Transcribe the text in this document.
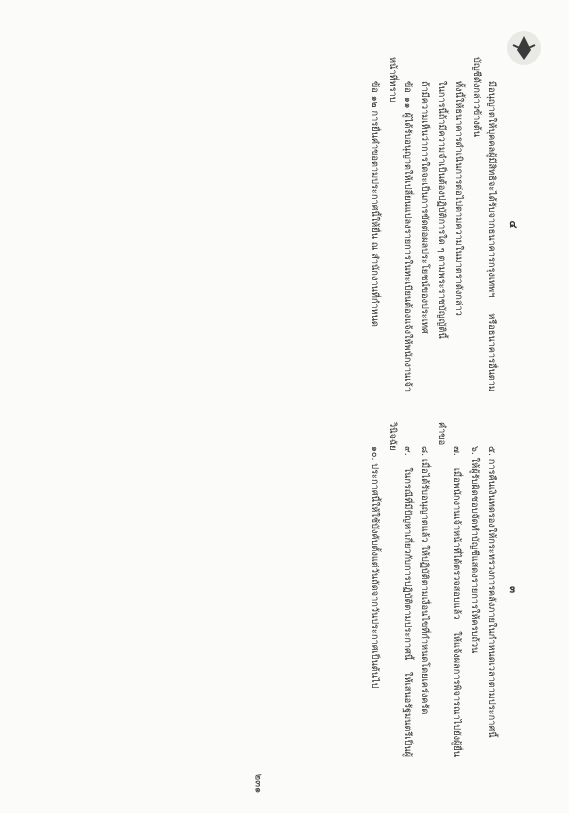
๔

มีอนุญาตให้บุคคลผู้มีสิทธิจะได้รับจากธนาคารกรุงเทพฯ หรือธนาคารอื่นตามบัญชีดังกล่าวข้างต้น

ทั้งนี้ให้ธนาคารดำเนินการต่อไปตามความในมาตราดังกล่าว

ในการนี้ถ้ามีความจำเป็นต้องปฏิบัติการใด ๆ ตามพระราชบัญญัตินี้

ถ้ามีความเห็นว่าการใดจะเป็นการขัดต่อผลประโยชน์ของประเทศ

ข้อ ๑๑ ผู้ได้รับอนุญาตให้เปลี่ยนแปลงรายการในทะเบียนต้องแจ้งให้พนักงานเจ้าหน้าที่ทราบ

ข้อ ๑๒ การยื่นคำขอตามประกาศนี้ให้ยื่น ณ สำนักงานที่กำหนด

๓

๕. การคืนเงินทดรองให้กระทรวงการคลังภายในกำหนดเวลาตามประกาศนี้

๖. ให้ผู้รับผิดชอบจัดทำบัญชีแสดงรายการให้ครบถ้วน

๗. เมื่อพนักงานเจ้าหน้าที่ได้ตรวจสอบแล้ว ให้แจ้งผลการพิจารณาไปยังผู้ยื่นคำขอ

๘. เมื่อได้รับอนุญาตแล้ว ให้ปฏิบัติตามเงื่อนไขที่กำหนดโดยเคร่งครัด

๙. ในกรณีที่มีปัญหาเกี่ยวกับการปฏิบัติตามประกาศนี้ ให้เสนอรัฐมนตรีเป็นผู้วินิจฉัย

๑๐. ประกาศนี้ให้ใช้บังคับตั้งแต่วันถัดจากวันประกาศเป็นต้นไป

๒๓๑
